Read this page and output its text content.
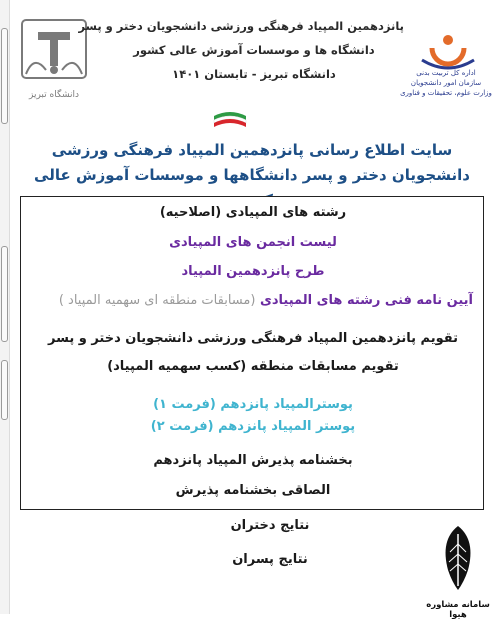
دانشگاه تبریز
پانزدهمین المپیاد فرهنگی ورزشی دانشجویان دختر و پسر
دانشگاه ها و موسسات آموزش عالی کشور
دانشگاه تبریز - تابستان ۱۴۰۱	اداره کل تربیت بدنی
سازمان امور دانشجویان
وزارت علوم، تحقیقات و فناوری
سایت اطلاع رسانی پانزدهمین المپیاد فرهنگی ورزشی دانشجویان دختر و پسر دانشگاهها و موسسات آموزش عالی
رشته های المپیادی (اصلاحیه)
لیست انجمن های المپیادی
طرح پانزدهمین المپیاد
آیین نامه فنی رشته های المپیادی (مسابقات منطقه ای سهمیه المپیاد )
تقویم پانزدهمین المپیاد فرهنگی ورزشی دانشجویان دختر و پسر
تقویم مسابقات منطقه (کسب سهمیه المپیاد)
پوسترالمپیاد پانزدهم (فرمت ۱)
پوستر المپیاد پانزدهم (فرمت ۲)
بخشنامه پذیرش المپیاد پانزدهم
الصاقی بخشنامه پذیرش
نتایج دختران
نتایج پسران
سامانه مشاوره هیوا
